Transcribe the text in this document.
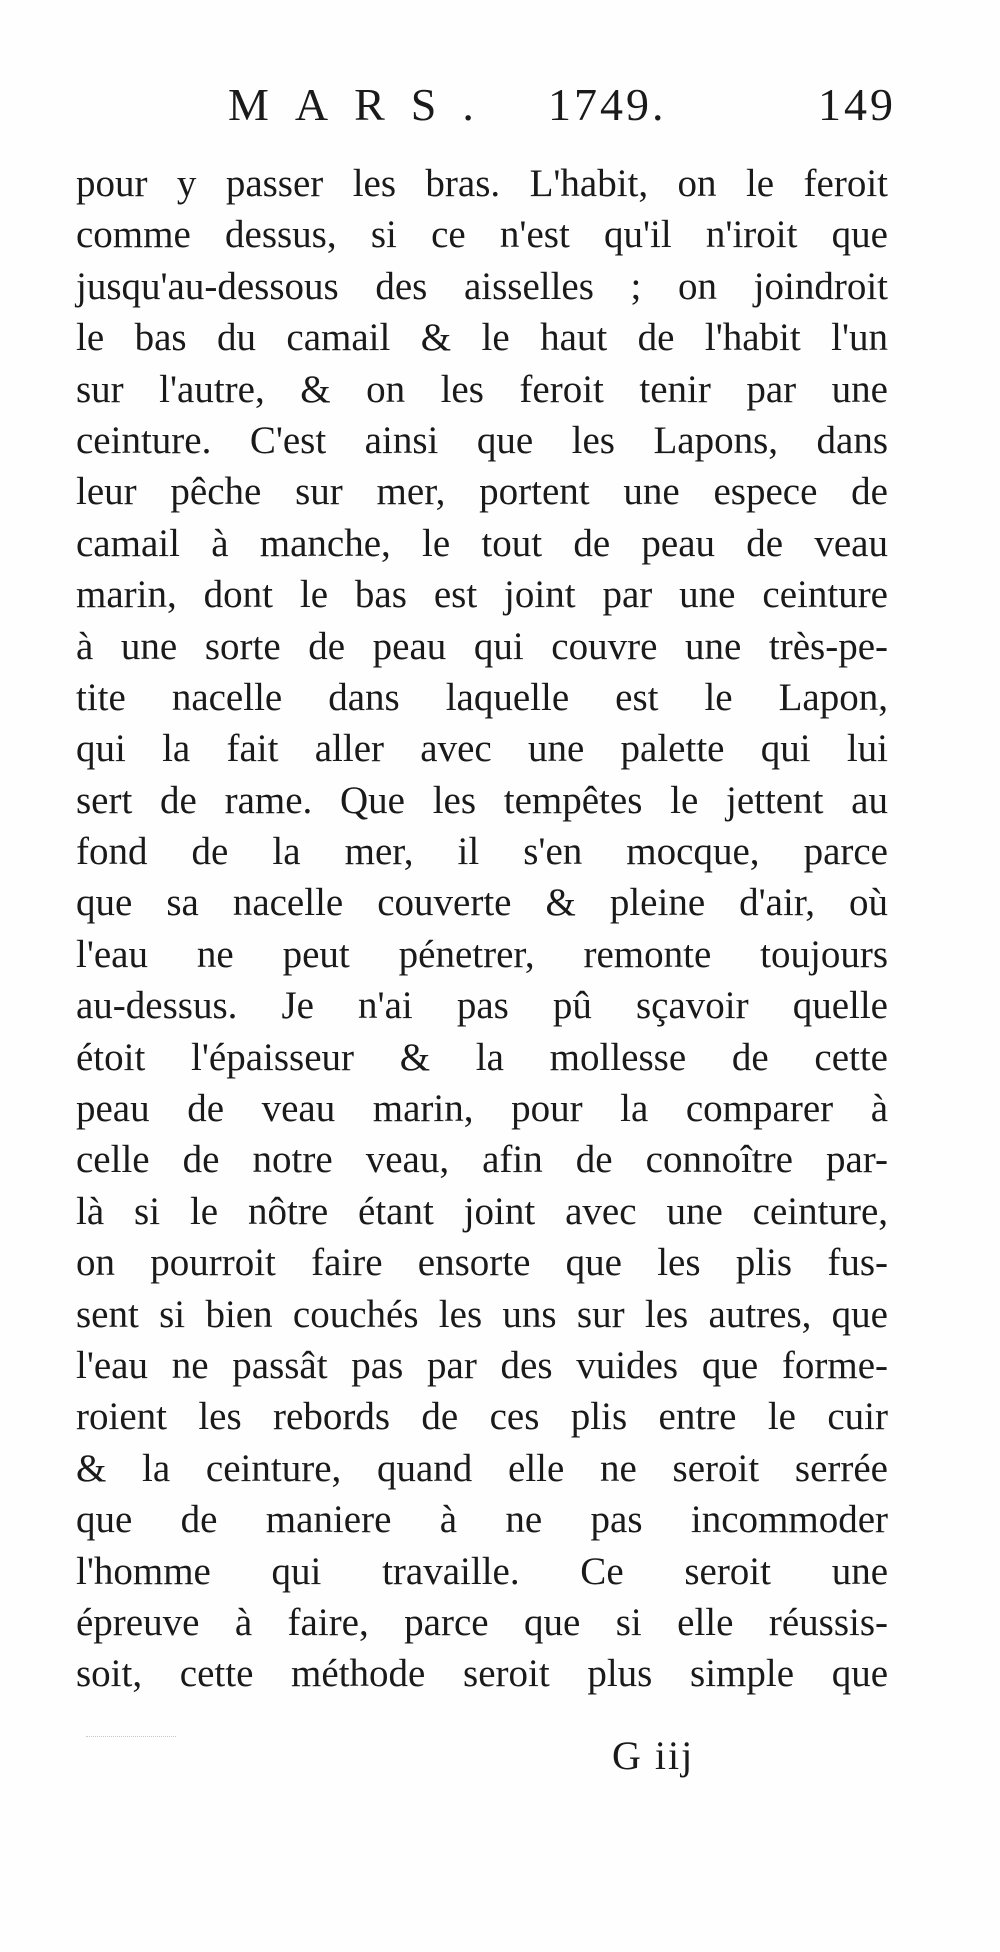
MARS. 1749.	149
pour y passer les bras. L'habit, on le feroit
comme dessus, si ce n'est qu'il n'iroit que
jusqu'au-dessous des aisselles ; on joindroit
le bas du camail & le haut de l'habit l'un
sur l'autre, & on les feroit tenir par une
ceinture. C'est ainsi que les Lapons, dans
leur pêche sur mer, portent une espece de
camail à manche, le tout de peau de veau
marin, dont le bas est joint par une ceinture
à une sorte de peau qui couvre une très-pe-
tite nacelle dans laquelle est le Lapon,
qui la fait aller avec une palette qui lui
sert de rame. Que les tempêtes le jettent au
fond de la mer, il s'en mocque, parce
que sa nacelle couverte & pleine d'air, où
l'eau ne peut pénetrer, remonte toujours
au-dessus. Je n'ai pas pû sçavoir quelle
étoit l'épaisseur & la mollesse de cette
peau de veau marin, pour la comparer à
celle de notre veau, afin de connoître par-
là si le nôtre étant joint avec une ceinture,
on pourroit faire ensorte que les plis fus-
sent si bien couchés les uns sur les autres, que
l'eau ne passât pas par des vuides que forme-
roient les rebords de ces plis entre le cuir
& la ceinture, quand elle ne seroit serrée
que de maniere à ne pas incommoder
l'homme qui travaille. Ce seroit une
épreuve à faire, parce que si elle réussis-
soit, cette méthode seroit plus simple que
G iij
